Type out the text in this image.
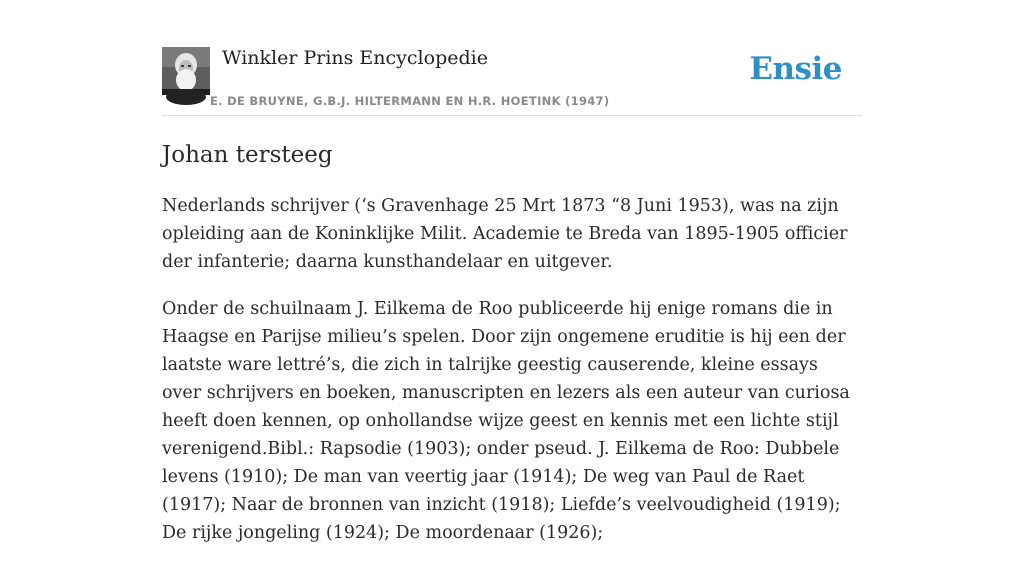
Winkler Prins Encyclopedie
E. DE BRUYNE, G.B.J. HILTERMANN EN H.R. HOETINK (1947)
Ensie
Johan tersteeg

Nederlands schrijver (‘s Gravenhage 25 Mrt 1873 “8 Juni 1953), was na zijn opleiding aan de Koninklijke Milit. Academie te Breda van 1895-1905 officier der infanterie; daarna kunsthandelaar en uitgever.

Onder de schuilnaam J. Eilkema de Roo publiceerde hij enige romans die in Haagse en Parijse milieu’s spelen. Door zijn ongemene eruditie is hij een der laatste ware lettré’s, die zich in talrijke geestig causerende, kleine essays over schrijvers en boeken, manuscripten en lezers als een auteur van curiosa heeft doen kennen, op onhollandse wijze geest en kennis met een lichte stijl verenigend.Bibl.: Rapsodie (1903); onder pseud. J. Eilkema de Roo: Dubbele levens (1910); De man van veertig jaar (1914); De weg van Paul de Raet (1917); Naar de bronnen van inzicht (1918); Liefde’s veelvoudigheid (1919); De rijke jongeling (1924); De moordenaar (1926);
